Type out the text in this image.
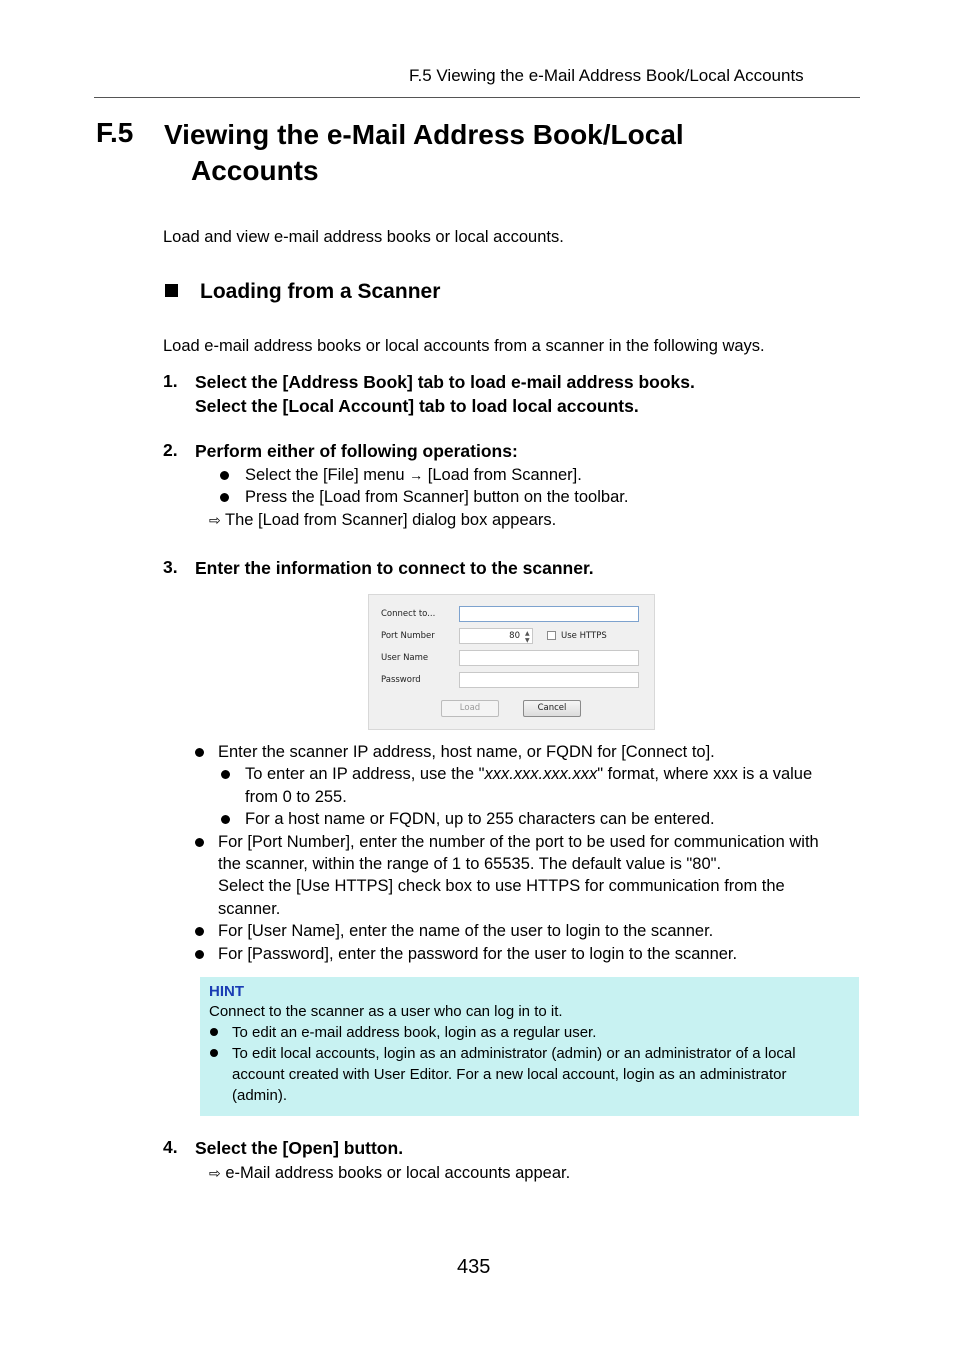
F.5 Viewing the e-Mail Address Book/Local Accounts
F.5 Viewing the e-Mail Address Book/Local
Accounts
Load and view e-mail address books or local accounts.
Loading from a Scanner
Load e-mail address books or local accounts from a scanner in the following ways.
1. Select the [Address Book] tab to load e-mail address books.
Select the [Local Account] tab to load local accounts.
2. Perform either of following operations:
Select the [File] menu → [Load from Scanner].
Press the [Load from Scanner] button on the toolbar.
⇨ The [Load from Scanner] dialog box appears.
3. Enter the information to connect to the scanner.
Connect to...
Port Number	80 ▲
▼	Use HTTPS
User Name
Password
Load	Cancel
Enter the scanner IP address, host name, or FQDN for [Connect to].
To enter an IP address, use the "xxx.xxx.xxx.xxx" format, where xxx is a value
from 0 to 255.
For a host name or FQDN, up to 255 characters can be entered.
For [Port Number], enter the number of the port to be used for communication with
the scanner, within the range of 1 to 65535. The default value is "80".
Select the [Use HTTPS] check box to use HTTPS for communication from the
scanner.
For [User Name], enter the name of the user to login to the scanner.
For [Password], enter the password for the user to login to the scanner.
HINT
Connect to the scanner as a user who can log in to it.
To edit an e-mail address book, login as a regular user.
To edit local accounts, login as an administrator (admin) or an administrator of a local
account created with User Editor. For a new local account, login as an administrator
(admin).
4. Select the [Open] button.
⇨ e-Mail address books or local accounts appear.
435
